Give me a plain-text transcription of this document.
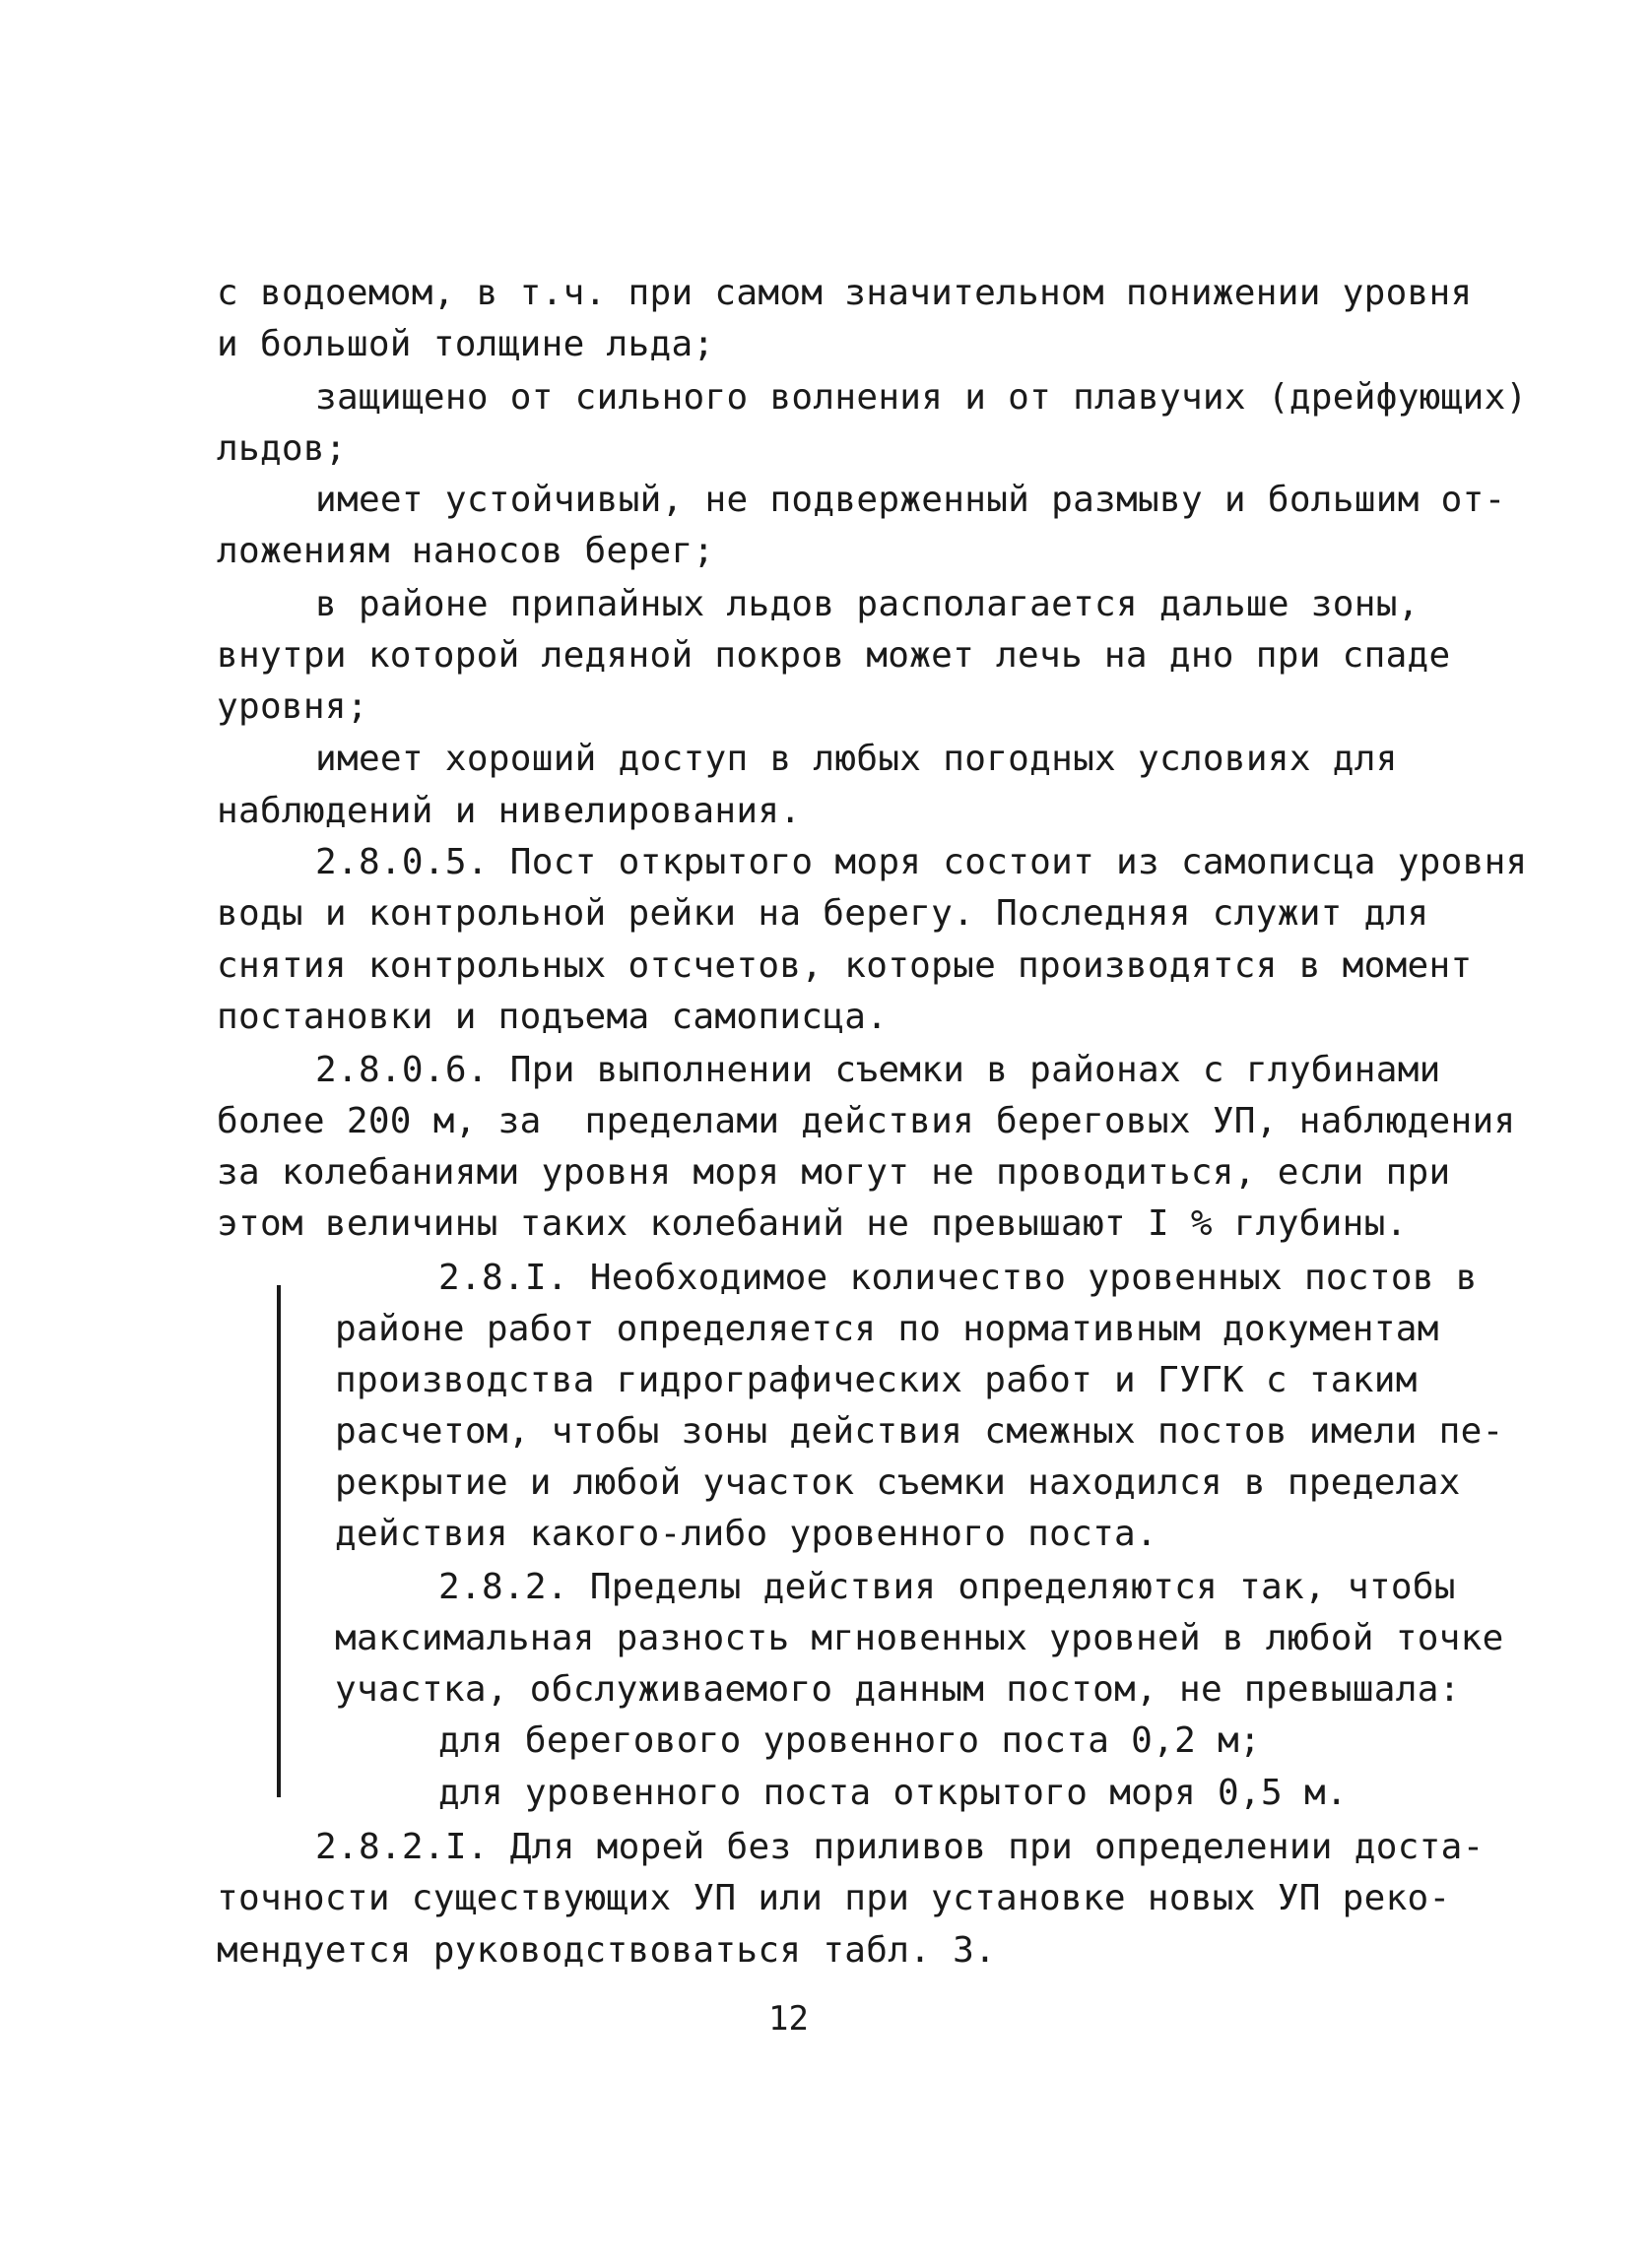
с водоемом, в т.ч. при самом значительном понижении уровня
и большой толщине льда;
защищено от сильного волнения и от плавучих (дрейфующих)
льдов;
имеет устойчивый, не подверженный размыву и большим от-
ложениям наносов берег;
в районе припайных льдов располагается дальше зоны,
внутри которой ледяной покров может лечь на дно при спаде
уровня;
имеет хороший доступ в любых погодных условиях для
наблюдений и нивелирования.
2.8.0.5. Пост открытого моря состоит из самописца уровня
воды и контрольной рейки на берегу. Последняя служит для
снятия контрольных отсчетов, которые производятся в момент
постановки и подъема самописца.
2.8.0.6. При выполнении съемки в районах с глубинами
более 200 м, за  пределами действия береговых УП, наблюдения
за колебаниями уровня моря могут не проводиться, если при
этом величины таких колебаний не превышают I % глубины.
2.8.I. Необходимое количество уровенных постов в
районе работ определяется по нормативным документам
производства гидрографических работ и ГУГК с таким
расчетом, чтобы зоны действия смежных постов имели пе-
рекрытие и любой участок съемки находился в пределах
действия какого-либо уровенного поста.
2.8.2. Пределы действия определяются так, чтобы
максимальная разность мгновенных уровней в любой точке
участка, обслуживаемого данным постом, не превышала:
для берегового уровенного поста 0,2 м;
для уровенного поста открытого моря 0,5 м.
2.8.2.I. Для морей без приливов при определении доста-
точности существующих УП или при установке новых УП реко-
мендуется руководствоваться табл. 3.
12
